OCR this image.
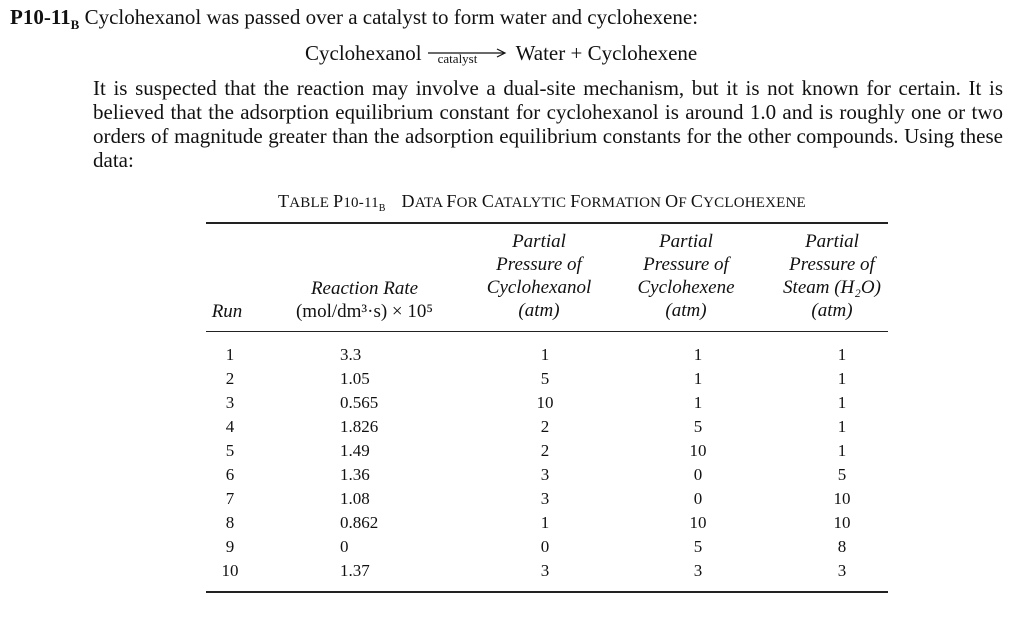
$P10-11_B$ Cyclohexanol was passed over a catalyst to form water and cyclohexene:
Cyclohexanol catalyst Water + Cyclohexene
It is suspected that the reaction may involve a dual-site mechanism, but it is not known for certain. It is believed that the adsorption equilibrium constant for cyclohexanol is around 1.0 and is roughly one or two orders of magnitude greater than the adsorption equilibrium constants for the other compounds. Using these data:
TABLE $P10-11_B$ DATA FOR CATALYTIC FORMATION OF CYCLOHEXENE
Run
Reaction Rate
(mol/dm³·s) × 10⁵
Partial
Pressure of
Cyclohexanol
(atm)
Partial
Pressure of
Cyclohexene
(atm)
Partial
Pressure of
Steam (H₂O)
(atm)
1	3.3	1	1	1
2	1.05	5	1	1
3	0.565	10	1	1
4	1.826	2	5	1
5	1.49	2	10	1
6	1.36	3	0	5
7	1.08	3	0	10
8	0.862	1	10	10
9	0	0	5	8
10	1.37	3	3	3
